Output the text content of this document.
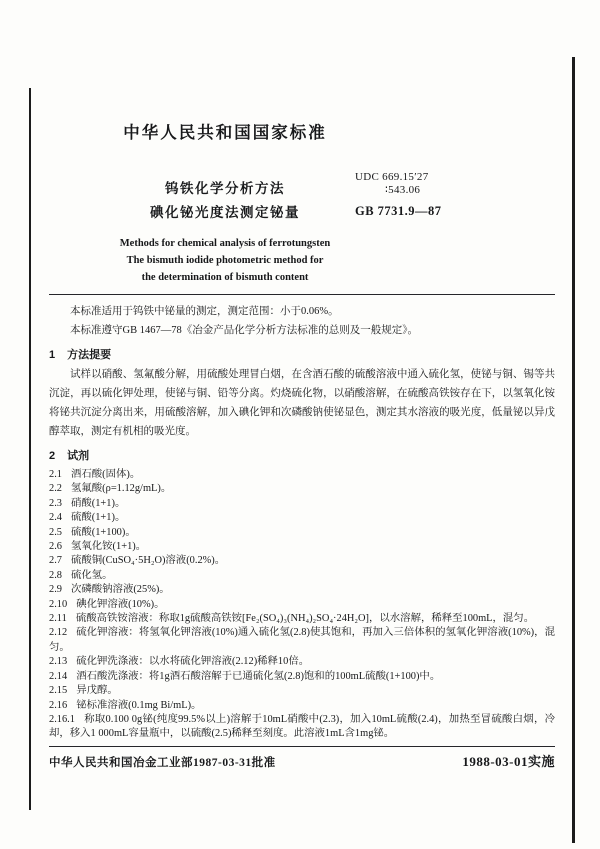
中华人民共和国国家标准
钨铁化学分析方法
碘化铋光度法测定铋量
UDC 669.15′27
∶543.06
GB 7731.9—87
Methods for chemical analysis of ferrotungsten
The bismuth iodide photometric method for
the determination of bismuth content

本标准适用于钨铁中铋量的测定，测定范围：小于0.06%。

本标准遵守GB 1467—78《冶金产品化学分析方法标准的总则及一般规定》。

1 方法提要

试样以硝酸、氢氟酸分解，用硫酸处理冒白烟，在含酒石酸的硫酸溶液中通入硫化氢，使铋与铜、锡等共沉淀，再以硫化钾处理，使铋与铜、铅等分离。灼烧硫化物，以硝酸溶解，在硫酸高铁铵存在下，以氢氧化铵将铋共沉淀分离出来，用硫酸溶解，加入碘化钾和次磷酸钠使铋显色，测定其水溶液的吸光度，低量铋以异戊醇萃取，测定有机相的吸光度。

2 试剂

2.1 酒石酸(固体)。

2.2 氢氟酸(ρ=1.12g/mL)。

2.3 硝酸(1+1)。

2.4 硫酸(1+1)。

2.5 硫酸(1+100)。

2.6 氢氧化铵(1+1)。

2.7 硫酸铜(CuSO₄·5H₂O)溶液(0.2%)。

2.8 硫化氢。

2.9 次磷酸钠溶液(25%)。

2.10 碘化钾溶液(10%)。

2.11 硫酸高铁铵溶液：称取1g硫酸高铁铵[Fe₂(SO₄)₃(NH₄)₂SO₄·24H₂O]，以水溶解，稀释至100mL，混匀。

2.12 硫化钾溶液：将氢氧化钾溶液(10%)通入硫化氢(2.8)使其饱和，再加入三倍体积的氢氧化钾溶液(10%)，混匀。

2.13 硫化钾洗涤液：以水将硫化钾溶液(2.12)稀释10倍。

2.14 酒石酸洗涤液：将1g酒石酸溶解于已通硫化氢(2.8)饱和的100mL硫酸(1+100)中。

2.15 异戊醇。

2.16 铋标准溶液(0.1mg Bi/mL)。

2.16.1 称取0.100 0g铋(纯度99.5%以上)溶解于10mL硝酸中(2.3)，加入10mL硫酸(2.4)，加热至冒硫酸白烟，冷却，移入1 000mL容量瓶中，以硫酸(2.5)稀释至刻度。此溶液1mL含1mg铋。

中华人民共和国冶金工业部1987-03-31批准	1988-03-01实施
